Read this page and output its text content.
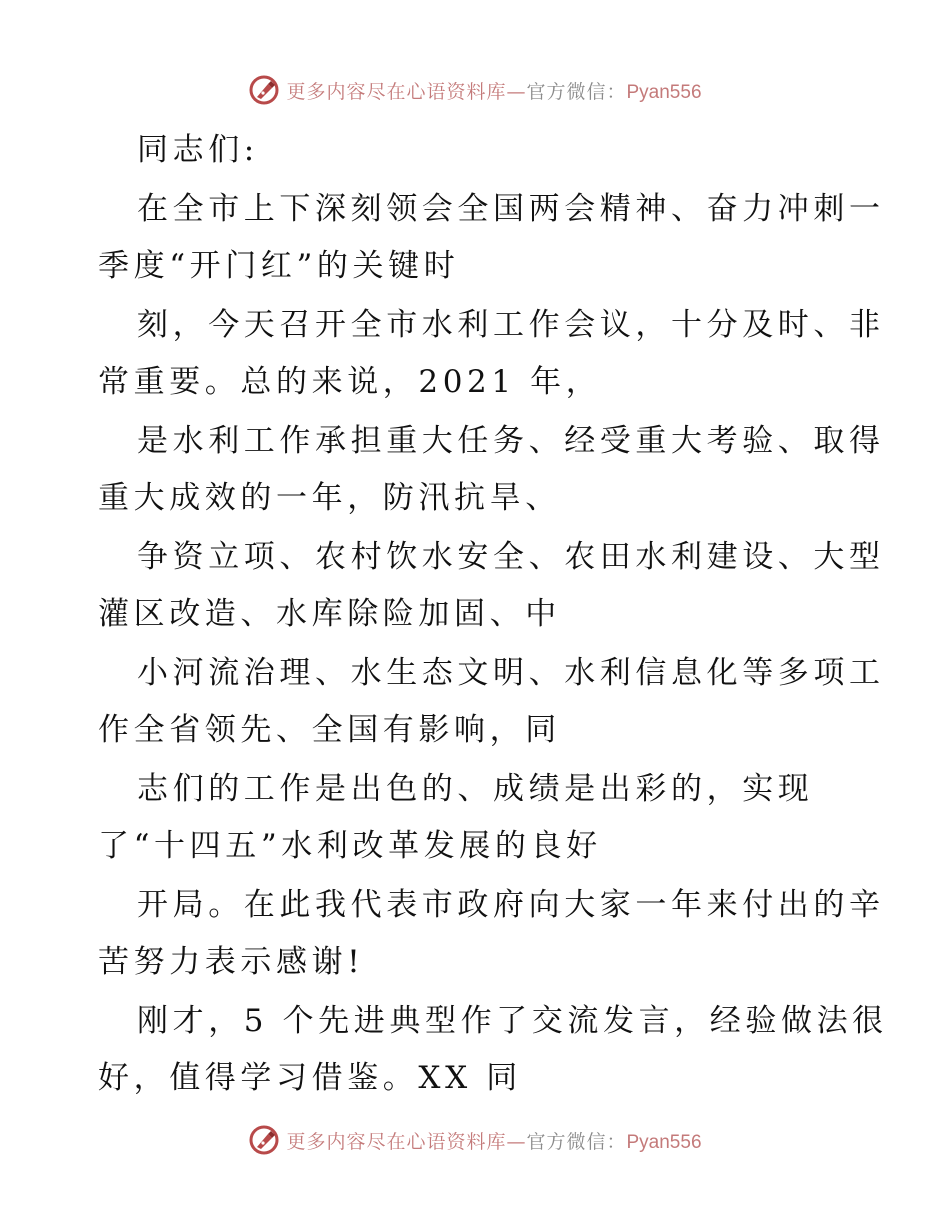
更多内容尽在心语资料库—官方微信：Pyan556
同志们:
在全市上下深刻领会全国两会精神、奋力冲刺一
季度“开门红”的关键时
刻，今天召开全市水利工作会议，十分及时、非
常重要。总的来说，2021 年，
是水利工作承担重大任务、经受重大考验、取得
重大成效的一年，防汛抗旱、
争资立项、农村饮水安全、农田水利建设、大型
灌区改造、水库除险加固、中
小河流治理、水生态文明、水利信息化等多项工
作全省领先、全国有影响，同
志们的工作是出色的、成绩是出彩的，实现
了“十四五”水利改革发展的良好
开局。在此我代表市政府向大家一年来付出的辛
苦努力表示感谢!
刚才，5 个先进典型作了交流发言，经验做法很
好，值得学习借鉴。XX 同
更多内容尽在心语资料库—官方微信：Pyan556
